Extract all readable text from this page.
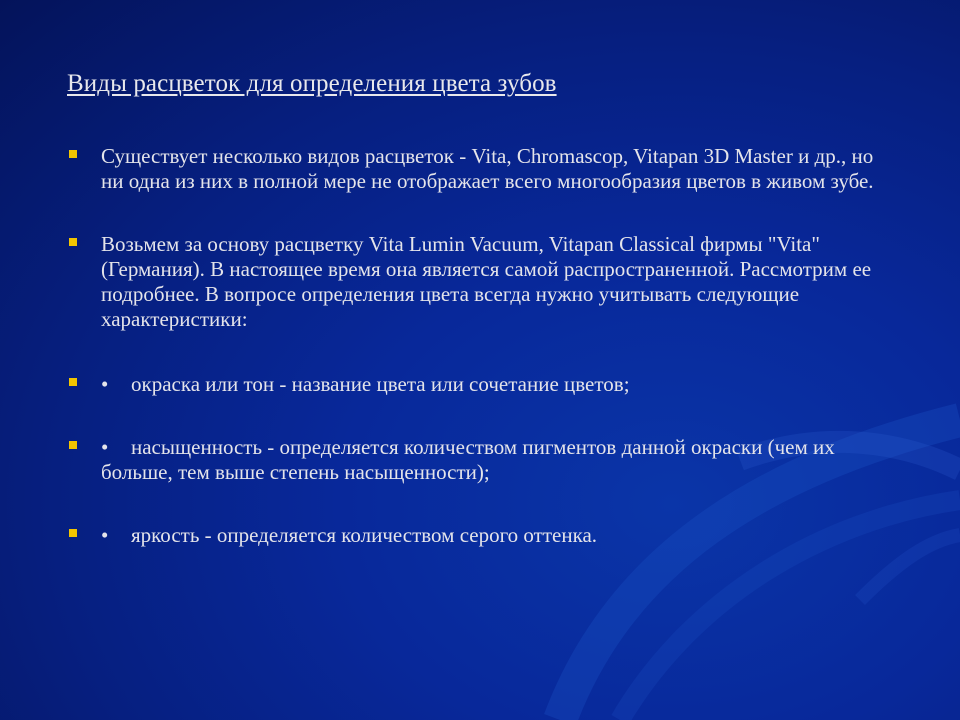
Виды расцветок для определения цвета зубов
Существует несколько видов расцветок - Vita, Chromascop, Vitapan 3D Master и др., но ни одна из них в полной мере не отображает всего многообразия цветов в живом зубе.
Возьмем за основу расцветку Vita Lumin Vacuum, Vitapan Classical фирмы "Vita" (Германия). В настоящее время она является самой распространенной. Рассмотрим ее подробнее. В вопросе определения цвета всегда нужно учитывать следующие характеристики:
• окраска или тон - название цвета или сочетание цветов;
• насыщенность - определяется количеством пигментов данной окраски (чем их больше, тем выше степень насыщенности);
• яркость - определяется количеством серого оттенка.
